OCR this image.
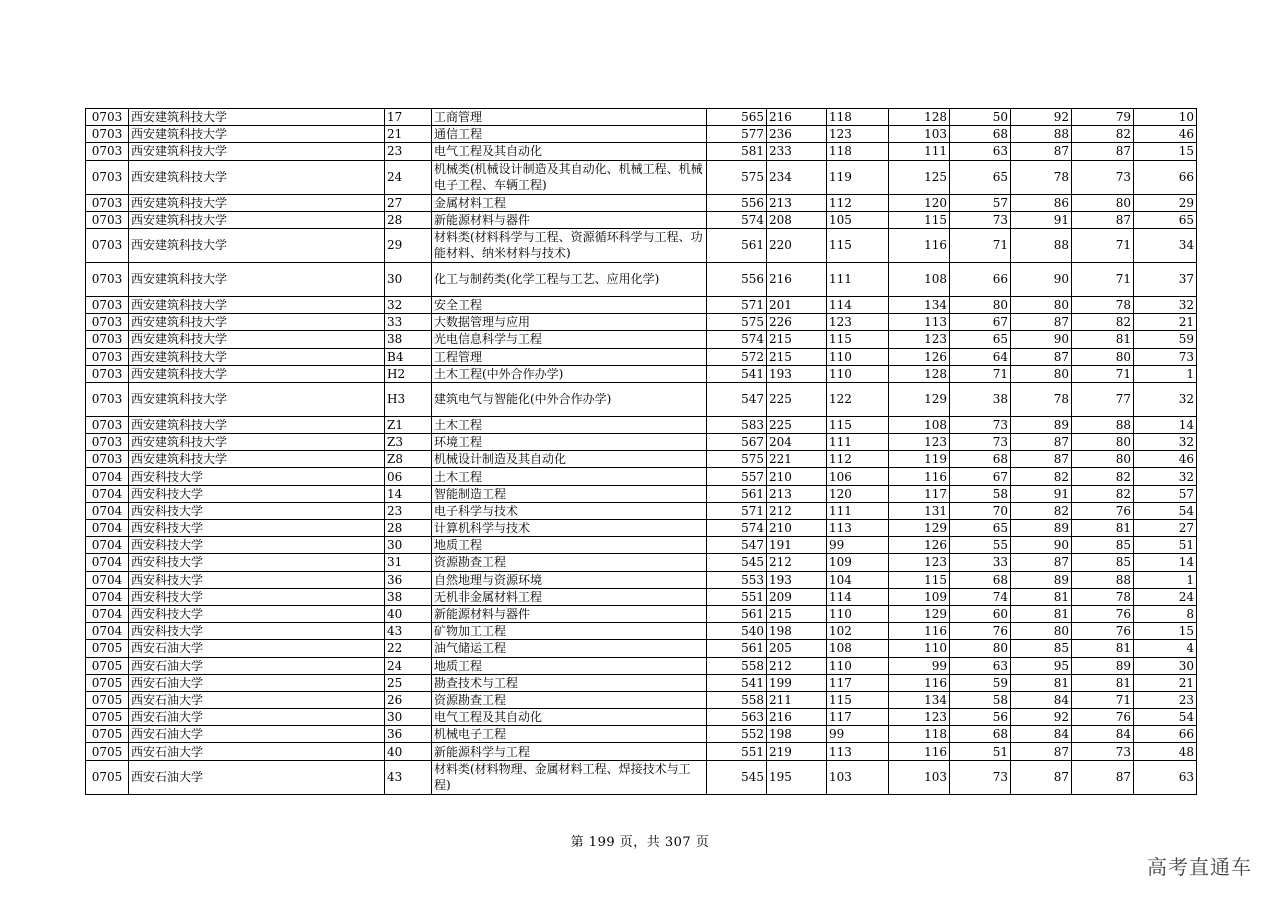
0703	西安建筑科技大学	17	工商管理	565	216	118	128	50	92	79	10
0703	西安建筑科技大学	21	通信工程	577	236	123	103	68	88	82	46
0703	西安建筑科技大学	23	电气工程及其自动化	581	233	118	111	63	87	87	15
0703	西安建筑科技大学	24	机械类(机械设计制造及其自动化、机械工程、机械电子工程、车辆工程)	575	234	119	125	65	78	73	66
0703	西安建筑科技大学	27	金属材料工程	556	213	112	120	57	86	80	29
0703	西安建筑科技大学	28	新能源材料与器件	574	208	105	115	73	91	87	65
0703	西安建筑科技大学	29	材料类(材料科学与工程、资源循环科学与工程、功能材料、纳米材料与技术)	561	220	115	116	71	88	71	34
0703	西安建筑科技大学	30	化工与制药类(化学工程与工艺、应用化学)	556	216	111	108	66	90	71	37
0703	西安建筑科技大学	32	安全工程	571	201	114	134	80	80	78	32
0703	西安建筑科技大学	33	大数据管理与应用	575	226	123	113	67	87	82	21
0703	西安建筑科技大学	38	光电信息科学与工程	574	215	115	123	65	90	81	59
0703	西安建筑科技大学	B4	工程管理	572	215	110	126	64	87	80	73
0703	西安建筑科技大学	H2	土木工程(中外合作办学)	541	193	110	128	71	80	71	1
0703	西安建筑科技大学	H3	建筑电气与智能化(中外合作办学)	547	225	122	129	38	78	77	32
0703	西安建筑科技大学	Z1	土木工程	583	225	115	108	73	89	88	14
0703	西安建筑科技大学	Z3	环境工程	567	204	111	123	73	87	80	32
0703	西安建筑科技大学	Z8	机械设计制造及其自动化	575	221	112	119	68	87	80	46
0704	西安科技大学	06	土木工程	557	210	106	116	67	82	82	32
0704	西安科技大学	14	智能制造工程	561	213	120	117	58	91	82	57
0704	西安科技大学	23	电子科学与技术	571	212	111	131	70	82	76	54
0704	西安科技大学	28	计算机科学与技术	574	210	113	129	65	89	81	27
0704	西安科技大学	30	地质工程	547	191	99	126	55	90	85	51
0704	西安科技大学	31	资源勘查工程	545	212	109	123	33	87	85	14
0704	西安科技大学	36	自然地理与资源环境	553	193	104	115	68	89	88	1
0704	西安科技大学	38	无机非金属材料工程	551	209	114	109	74	81	78	24
0704	西安科技大学	40	新能源材料与器件	561	215	110	129	60	81	76	8
0704	西安科技大学	43	矿物加工工程	540	198	102	116	76	80	76	15
0705	西安石油大学	22	油气储运工程	561	205	108	110	80	85	81	4
0705	西安石油大学	24	地质工程	558	212	110	99	63	95	89	30
0705	西安石油大学	25	勘查技术与工程	541	199	117	116	59	81	81	21
0705	西安石油大学	26	资源勘查工程	558	211	115	134	58	84	71	23
0705	西安石油大学	30	电气工程及其自动化	563	216	117	123	56	92	76	54
0705	西安石油大学	36	机械电子工程	552	198	99	118	68	84	84	66
0705	西安石油大学	40	新能源科学与工程	551	219	113	116	51	87	73	48
0705	西安石油大学	43	材料类(材料物理、金属材料工程、焊接技术与工程)	545	195	103	103	73	87	87	63
第 199 页，共 307 页
高考直通车
